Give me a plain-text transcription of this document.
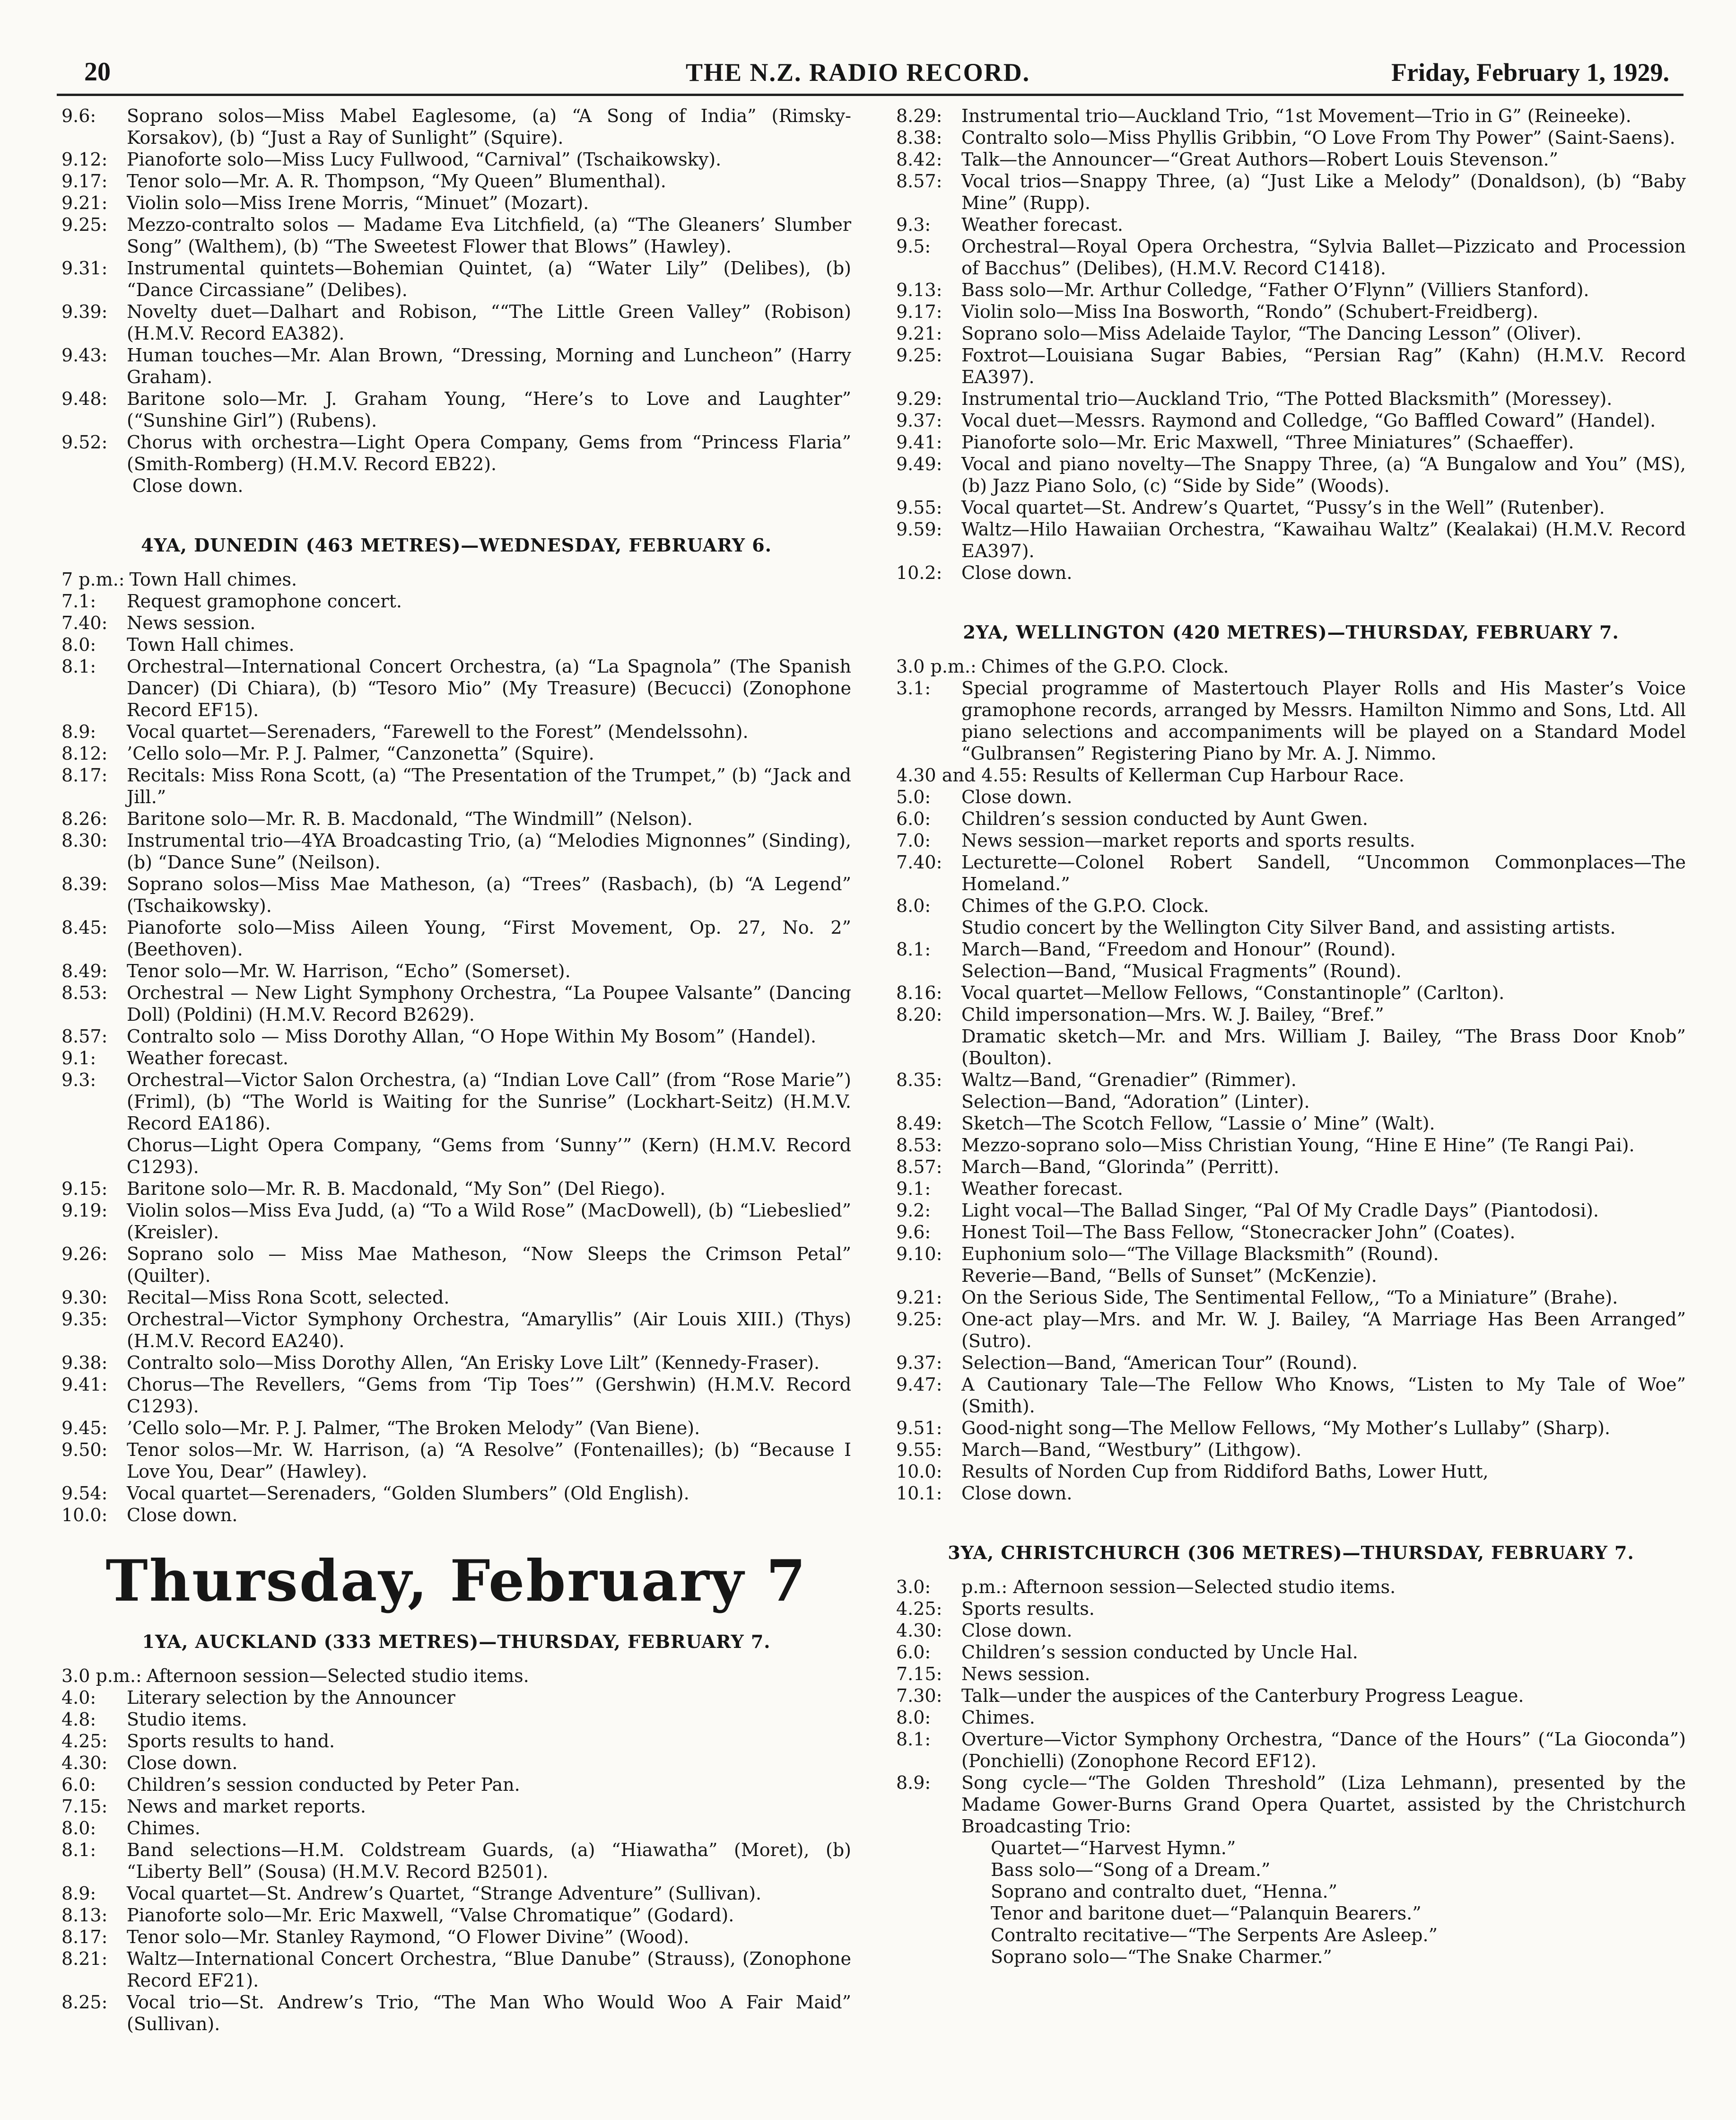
20	THE N.Z. RADIO RECORD.	Friday, February 1, 1929.
9.6:	Soprano solos—Miss Mabel Eaglesome, (a) “A Song of India” (Rimsky-Korsakov), (b) “Just a Ray of Sunlight” (Squire).
9.12:	Pianoforte solo—Miss Lucy Fullwood, “Carnival” (Tschaikowsky).
9.17:	Tenor solo—Mr. A. R. Thompson, “My Queen” Blumenthal).
9.21:	Violin solo—Miss Irene Morris, “Minuet” (Mozart).
9.25:	Mezzo-contralto solos — Madame Eva Litchfield, (a) “The Gleaners’ Slumber Song” (Walthem), (b) “The Sweetest Flower that Blows” (Hawley).
9.31:	Instrumental quintets—Bohemian Quintet, (a) “Water Lily” (Delibes), (b) “Dance Circassiane” (Delibes).
9.39:	Novelty duet—Dalhart and Robison, ““The Little Green Valley” (Robison) (H.M.V. Record EA382).
9.43:	Human touches—Mr. Alan Brown, “Dressing, Morning and Luncheon” (Harry Graham).
9.48:	Baritone solo—Mr. J. Graham Young, “Here’s to Love and Laughter” (“Sunshine Girl”) (Rubens).
9.52:	Chorus with orchestra—Light Opera Company, Gems from “Princess Flaria” (Smith-Romberg) (H.M.V. Record EB22).
Close down.
4YA, DUNEDIN (463 METRES)—WEDNESDAY, FEBRUARY 6.
7 p.m.: Town Hall chimes.
7.1:	Request gramophone concert.
7.40:	News session.
8.0:	Town Hall chimes.
8.1:	Orchestral—International Concert Orchestra, (a) “La Spagnola” (The Spanish Dancer) (Di Chiara), (b) “Tesoro Mio” (My Treasure) (Becucci) (Zonophone Record EF15).
8.9:	Vocal quartet—Serenaders, “Farewell to the Forest” (Mendelssohn).
8.12:	’Cello solo—Mr. P. J. Palmer, “Canzonetta” (Squire).
8.17:	Recitals: Miss Rona Scott, (a) “The Presentation of the Trumpet,” (b) “Jack and Jill.”
8.26:	Baritone solo—Mr. R. B. Macdonald, “The Windmill” (Nelson).
8.30:	Instrumental trio—4YA Broadcasting Trio, (a) “Melodies Mignonnes” (Sinding), (b) “Dance Sune” (Neilson).
8.39:	Soprano solos—Miss Mae Matheson, (a) “Trees” (Rasbach), (b) “A Legend” (Tschaikowsky).
8.45:	Pianoforte solo—Miss Aileen Young, “First Movement, Op. 27, No. 2” (Beethoven).
8.49:	Tenor solo—Mr. W. Harrison, “Echo” (Somerset).
8.53:	Orchestral — New Light Symphony Orchestra, “La Poupee Valsante” (Dancing Doll) (Poldini) (H.M.V. Record B2629).
8.57:	Contralto solo — Miss Dorothy Allan, “O Hope Within My Bosom” (Handel).
9.1:	Weather forecast.
9.3:	Orchestral—Victor Salon Orchestra, (a) “Indian Love Call” (from “Rose Marie”) (Friml), (b) “The World is Waiting for the Sunrise” (Lockhart-Seitz) (H.M.V. Record EA186).
Chorus—Light Opera Company, “Gems from ‘Sunny’” (Kern) (H.M.V. Record C1293).
9.15:	Baritone solo—Mr. R. B. Macdonald, “My Son” (Del Riego).
9.19:	Violin solos—Miss Eva Judd, (a) “To a Wild Rose” (MacDowell), (b) “Liebeslied” (Kreisler).
9.26:	Soprano solo — Miss Mae Matheson, “Now Sleeps the Crimson Petal” (Quilter).
9.30:	Recital—Miss Rona Scott, selected.
9.35:	Orchestral—Victor Symphony Orchestra, “Amaryllis” (Air Louis XIII.) (Thys) (H.M.V. Record EA240).
9.38:	Contralto solo—Miss Dorothy Allen, “An Erisky Love Lilt” (Kennedy-Fraser).
9.41:	Chorus—The Revellers, “Gems from ‘Tip Toes’” (Gershwin) (H.M.V. Record C1293).
9.45:	’Cello solo—Mr. P. J. Palmer, “The Broken Melody” (Van Biene).
9.50:	Tenor solos—Mr. W. Harrison, (a) “A Resolve” (Fontenailles); (b) “Because I Love You, Dear” (Hawley).
9.54:	Vocal quartet—Serenaders, “Golden Slumbers” (Old English).
10.0:	Close down.
Thursday, February 7
1YA, AUCKLAND (333 METRES)—THURSDAY, FEBRUARY 7.
3.0 p.m.: Afternoon session—Selected studio items.
4.0:	Literary selection by the Announcer
4.8:	Studio items.
4.25:	Sports results to hand.
4.30:	Close down.
6.0:	Children’s session conducted by Peter Pan.
7.15:	News and market reports.
8.0:	Chimes.
8.1:	Band selections—H.M. Coldstream Guards, (a) “Hiawatha” (Moret), (b) “Liberty Bell” (Sousa) (H.M.V. Record B2501).
8.9:	Vocal quartet—St. Andrew’s Quartet, “Strange Adventure” (Sullivan).
8.13:	Pianoforte solo—Mr. Eric Maxwell, “Valse Chromatique” (Godard).
8.17:	Tenor solo—Mr. Stanley Raymond, “O Flower Divine” (Wood).
8.21:	Waltz—International Concert Orchestra, “Blue Danube” (Strauss), (Zonophone Record EF21).
8.25:	Vocal trio—St. Andrew’s Trio, “The Man Who Would Woo A Fair Maid” (Sullivan).
8.29:	Instrumental trio—Auckland Trio, “1st Movement—Trio in G” (Reineeke).
8.38:	Contralto solo—Miss Phyllis Gribbin, “O Love From Thy Power” (Saint-Saens).
8.42:	Talk—the Announcer—“Great Authors—Robert Louis Stevenson.”
8.57:	Vocal trios—Snappy Three, (a) “Just Like a Melody” (Donaldson), (b) “Baby Mine” (Rupp).
9.3:	Weather forecast.
9.5:	Orchestral—Royal Opera Orchestra, “Sylvia Ballet—Pizzicato and Procession of Bacchus” (Delibes), (H.M.V. Record C1418).
9.13:	Bass solo—Mr. Arthur Colledge, “Father O’Flynn” (Villiers Stanford).
9.17:	Violin solo—Miss Ina Bosworth, “Rondo” (Schubert-Freidberg).
9.21:	Soprano solo—Miss Adelaide Taylor, “The Dancing Lesson” (Oliver).
9.25:	Foxtrot—Louisiana Sugar Babies, “Persian Rag” (Kahn) (H.M.V. Record EA397).
9.29:	Instrumental trio—Auckland Trio, “The Potted Blacksmith” (Moressey).
9.37:	Vocal duet—Messrs. Raymond and Colledge, “Go Baffled Coward” (Handel).
9.41:	Pianoforte solo—Mr. Eric Maxwell, “Three Miniatures” (Schaeffer).
9.49:	Vocal and piano novelty—The Snappy Three, (a) “A Bungalow and You” (MS), (b) Jazz Piano Solo, (c) “Side by Side” (Woods).
9.55:	Vocal quartet—St. Andrew’s Quartet, “Pussy’s in the Well” (Rutenber).
9.59:	Waltz—Hilo Hawaiian Orchestra, “Kawaihau Waltz” (Kealakai) (H.M.V. Record EA397).
10.2:	Close down.
2YA, WELLINGTON (420 METRES)—THURSDAY, FEBRUARY 7.
3.0 p.m.: Chimes of the G.P.O. Clock.
3.1:	Special programme of Mastertouch Player Rolls and His Master’s Voice gramophone records, arranged by Messrs. Hamilton Nimmo and Sons, Ltd. All piano selections and accompaniments will be played on a Standard Model “Gulbransen” Registering Piano by Mr. A. J. Nimmo.
4.30 and 4.55: Results of Kellerman Cup Harbour Race.
5.0:	Close down.
6.0:	Children’s session conducted by Aunt Gwen.
7.0:	News session—market reports and sports results.
7.40:	Lecturette—Colonel Robert Sandell, “Uncommon Commonplaces—The Homeland.”
8.0:	Chimes of the G.P.O. Clock.
Studio concert by the Wellington City Silver Band, and assisting artists.
8.1:	March—Band, “Freedom and Honour” (Round).
Selection—Band, “Musical Fragments” (Round).
8.16:	Vocal quartet—Mellow Fellows, “Constantinople” (Carlton).
8.20:	Child impersonation—Mrs. W. J. Bailey, “Bref.”
Dramatic sketch—Mr. and Mrs. William J. Bailey, “The Brass Door Knob” (Boulton).
8.35:	Waltz—Band, “Grenadier” (Rimmer).
Selection—Band, “Adoration” (Linter).
8.49:	Sketch—The Scotch Fellow, “Lassie o’ Mine” (Walt).
8.53:	Mezzo-soprano solo—Miss Christian Young, “Hine E Hine” (Te Rangi Pai).
8.57:	March—Band, “Glorinda” (Perritt).
9.1:	Weather forecast.
9.2:	Light vocal—The Ballad Singer, “Pal Of My Cradle Days” (Piantodosi).
9.6:	Honest Toil—The Bass Fellow, “Stonecracker John” (Coates).
9.10:	Euphonium solo—“The Village Blacksmith” (Round).
Reverie—Band, “Bells of Sunset” (McKenzie).
9.21:	On the Serious Side, The Sentimental Fellow,, “To a Miniature” (Brahe).
9.25:	One-act play—Mrs. and Mr. W. J. Bailey, “A Marriage Has Been Arranged” (Sutro).
9.37:	Selection—Band, “American Tour” (Round).
9.47:	A Cautionary Tale—The Fellow Who Knows, “Listen to My Tale of Woe” (Smith).
9.51:	Good-night song—The Mellow Fellows, “My Mother’s Lullaby” (Sharp).
9.55:	March—Band, “Westbury” (Lithgow).
10.0:	Results of Norden Cup from Riddiford Baths, Lower Hutt,
10.1:	Close down.
3YA, CHRISTCHURCH (306 METRES)—THURSDAY, FEBRUARY 7.
3.0:	p.m.: Afternoon session—Selected studio items.
4.25:	Sports results.
4.30:	Close down.
6.0:	Children’s session conducted by Uncle Hal.
7.15:	News session.
7.30:	Talk—under the auspices of the Canterbury Progress League.
8.0:	Chimes.
8.1:	Overture—Victor Symphony Orchestra, “Dance of the Hours” (“La Gioconda”) (Ponchielli) (Zonophone Record EF12).
8.9:	Song cycle—“The Golden Threshold” (Liza Lehmann), presented by the Madame Gower-Burns Grand Opera Quartet, assisted by the Christchurch Broadcasting Trio:
Quartet—“Harvest Hymn.”
Bass solo—“Song of a Dream.”
Soprano and contralto duet, “Henna.”
Tenor and baritone duet—“Palanquin Bearers.”
Contralto recitative—“The Serpents Are Asleep.”
Soprano solo—“The Snake Charmer.”
